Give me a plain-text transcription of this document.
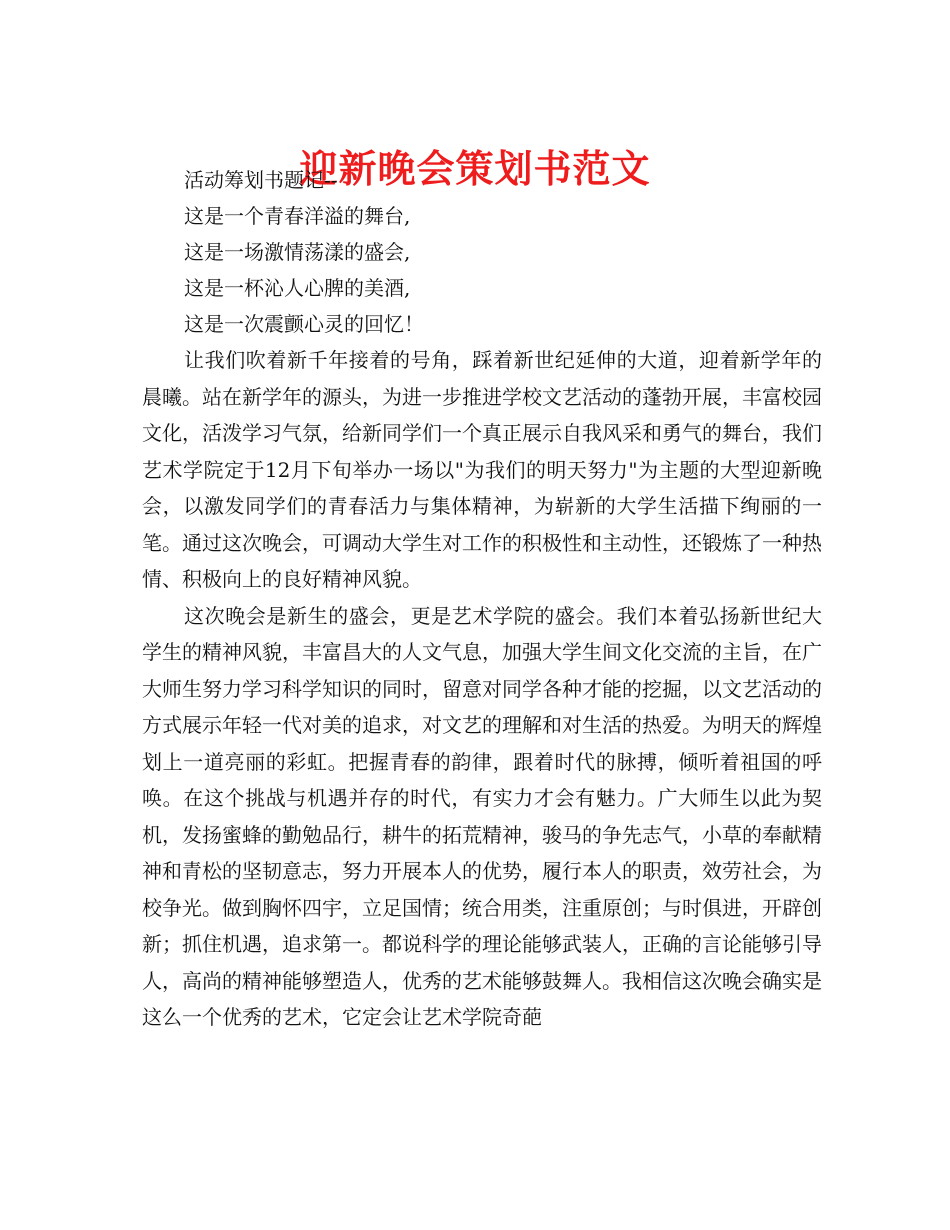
迎新晚会策划书范文

活动筹划书题记--

这是一个青春洋溢的舞台,

这是一场激情荡漾的盛会,

这是一杯沁人心脾的美酒,

这是一次震颤心灵的回忆！

让我们吹着新千年接着的号角，踩着新世纪延伸的大道，迎着新学年的晨曦。站在新学年的源头，为进一步推进学校文艺活动的蓬勃开展，丰富校园文化，活泼学习气氛，给新同学们一个真正展示自我风采和勇气的舞台，我们艺术学院定于12月下旬举办一场以"为我们的明天努力"为主题的大型迎新晚会，以激发同学们的青春活力与集体精神，为崭新的大学生活描下绚丽的一笔。通过这次晚会，可调动大学生对工作的积极性和主动性，还锻炼了一种热情、积极向上的良好精神风貌。

这次晚会是新生的盛会，更是艺术学院的盛会。我们本着弘扬新世纪大学生的精神风貌，丰富昌大的人文气息，加强大学生间文化交流的主旨，在广大师生努力学习科学知识的同时，留意对同学各种才能的挖掘，以文艺活动的方式展示年轻一代对美的追求，对文艺的理解和对生活的热爱。为明天的辉煌划上一道亮丽的彩虹。把握青春的韵律，跟着时代的脉搏，倾听着祖国的呼唤。在这个挑战与机遇并存的时代，有实力才会有魅力。广大师生以此为契机，发扬蜜蜂的勤勉品行，耕牛的拓荒精神，骏马的争先志气，小草的奉献精神和青松的坚韧意志，努力开展本人的优势，履行本人的职责，效劳社会，为校争光。做到胸怀四宇，立足国情；统合用类，注重原创；与时俱进，开辟创新；抓住机遇，追求第一。都说科学的理论能够武装人，正确的言论能够引导人，高尚的精神能够塑造人，优秀的艺术能够鼓舞人。我相信这次晚会确实是这么一个优秀的艺术，它定会让艺术学院奇葩
